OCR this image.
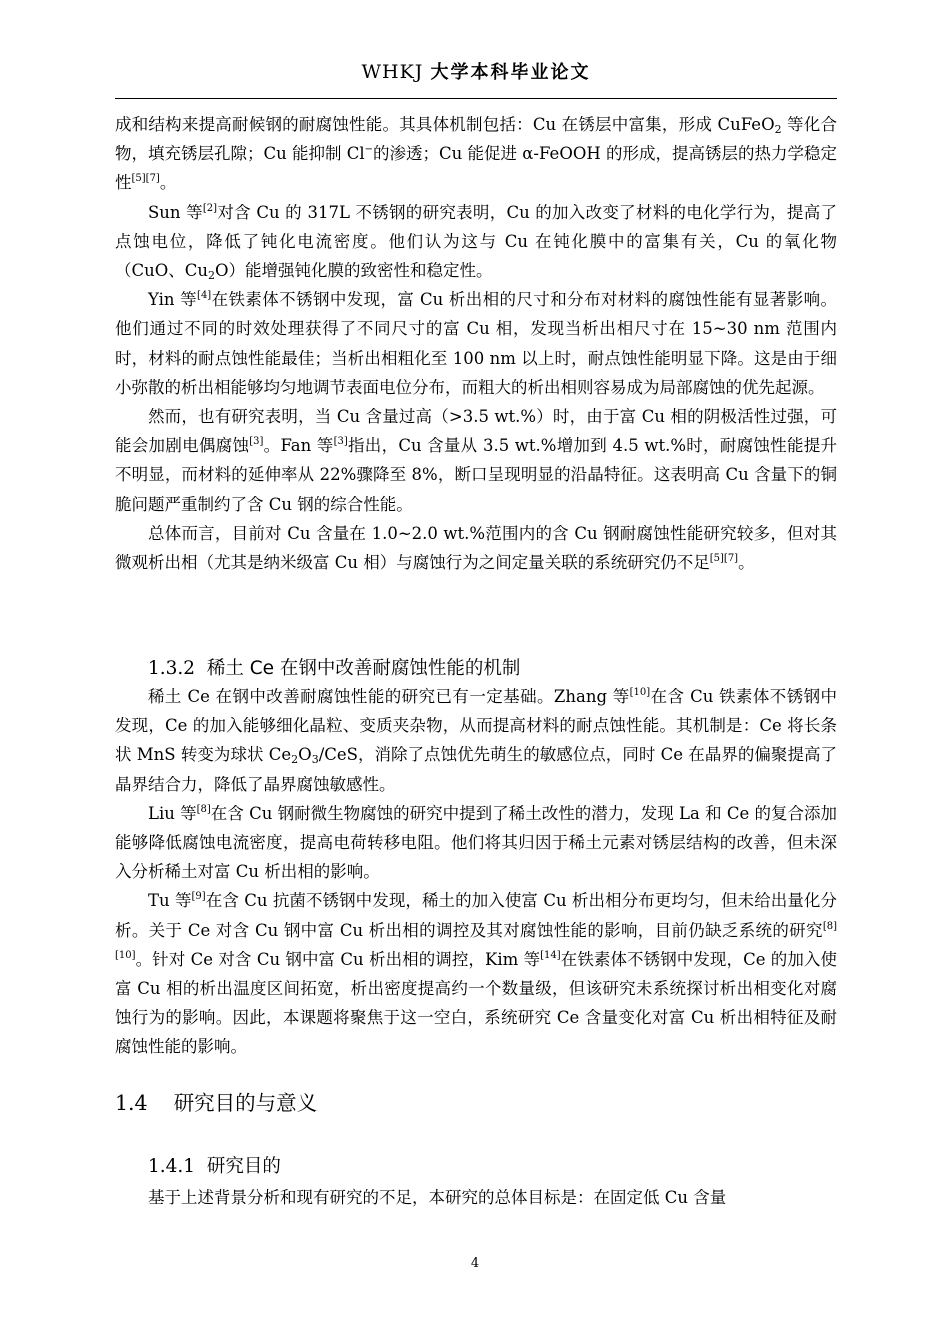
WHKJ 大学本科毕业论文

成和结构来提高耐候钢的耐腐蚀性能。其具体机制包括：Cu 在锈层中富集，形成 CuFeO$_2$ 等化合物，填充锈层孔隙；Cu 能抑制 Cl−的渗透；Cu 能促进 α-FeOOH 的形成，提高锈层的热力学稳定性[5][7]。

Sun 等[2]对含 Cu 的 317L 不锈钢的研究表明，Cu 的加入改变了材料的电化学行为，提高了点蚀电位，降低了钝化电流密度。他们认为这与 Cu 在钝化膜中的富集有关，Cu 的氧化物（CuO、$Cu_2O$）能增强钝化膜的致密性和稳定性。

Yin 等[4]在铁素体不锈钢中发现，富 Cu 析出相的尺寸和分布对材料的腐蚀性能有显著影响。他们通过不同的时效处理获得了不同尺寸的富 Cu 相，发现当析出相尺寸在 15~30 nm 范围内时，材料的耐点蚀性能最佳；当析出相粗化至 100 nm 以上时，耐点蚀性能明显下降。这是由于细小弥散的析出相能够均匀地调节表面电位分布，而粗大的析出相则容易成为局部腐蚀的优先起源。

然而，也有研究表明，当 Cu 含量过高（>3.5 wt.%）时，由于富 Cu 相的阴极活性过强，可能会加剧电偶腐蚀[3]。Fan 等[3]指出，Cu 含量从 3.5 wt.%增加到 4.5 wt.%时，耐腐蚀性能提升不明显，而材料的延伸率从 22%骤降至 8%，断口呈现明显的沿晶特征。这表明高 Cu 含量下的铜脆问题严重制约了含 Cu 钢的综合性能。

总体而言，目前对 Cu 含量在 1.0~2.0 wt.%范围内的含 Cu 钢耐腐蚀性能研究较多，但对其微观析出相（尤其是纳米级富 Cu 相）与腐蚀行为之间定量关联的系统研究仍不足[5][7]。

1.3.2 稀土 Ce 在钢中改善耐腐蚀性能的机制

稀土 Ce 在钢中改善耐腐蚀性能的研究已有一定基础。Zhang 等[10]在含 Cu 铁素体不锈钢中发现，Ce 的加入能够细化晶粒、变质夹杂物，从而提高材料的耐点蚀性能。其机制是：Ce 将长条状 MnS 转变为球状 $Ce_2O_3$/CeS，消除了点蚀优先萌生的敏感位点，同时 Ce 在晶界的偏聚提高了晶界结合力，降低了晶界腐蚀敏感性。

Liu 等[8]在含 Cu 钢耐微生物腐蚀的研究中提到了稀土改性的潜力，发现 La 和 Ce 的复合添加能够降低腐蚀电流密度，提高电荷转移电阻。他们将其归因于稀土元素对锈层结构的改善，但未深入分析稀土对富 Cu 析出相的影响。

Tu 等[9]在含 Cu 抗菌不锈钢中发现，稀土的加入使富 Cu 析出相分布更均匀，但未给出量化分析。关于 Ce 对含 Cu 钢中富 Cu 析出相的调控及其对腐蚀性能的影响，目前仍缺乏系统的研究[8][10]。针对 Ce 对含 Cu 钢中富 Cu 析出相的调控，Kim 等[14]在铁素体不锈钢中发现，Ce 的加入使富 Cu 相的析出温度区间拓宽，析出密度提高约一个数量级，但该研究未系统探讨析出相变化对腐蚀行为的影响。因此，本课题将聚焦于这一空白，系统研究 Ce 含量变化对富 Cu 析出相特征及耐腐蚀性能的影响。

1.4 研究目的与意义
1.4.1 研究目的

基于上述背景分析和现有研究的不足，本研究的总体目标是：在固定低 Cu 含量

4
